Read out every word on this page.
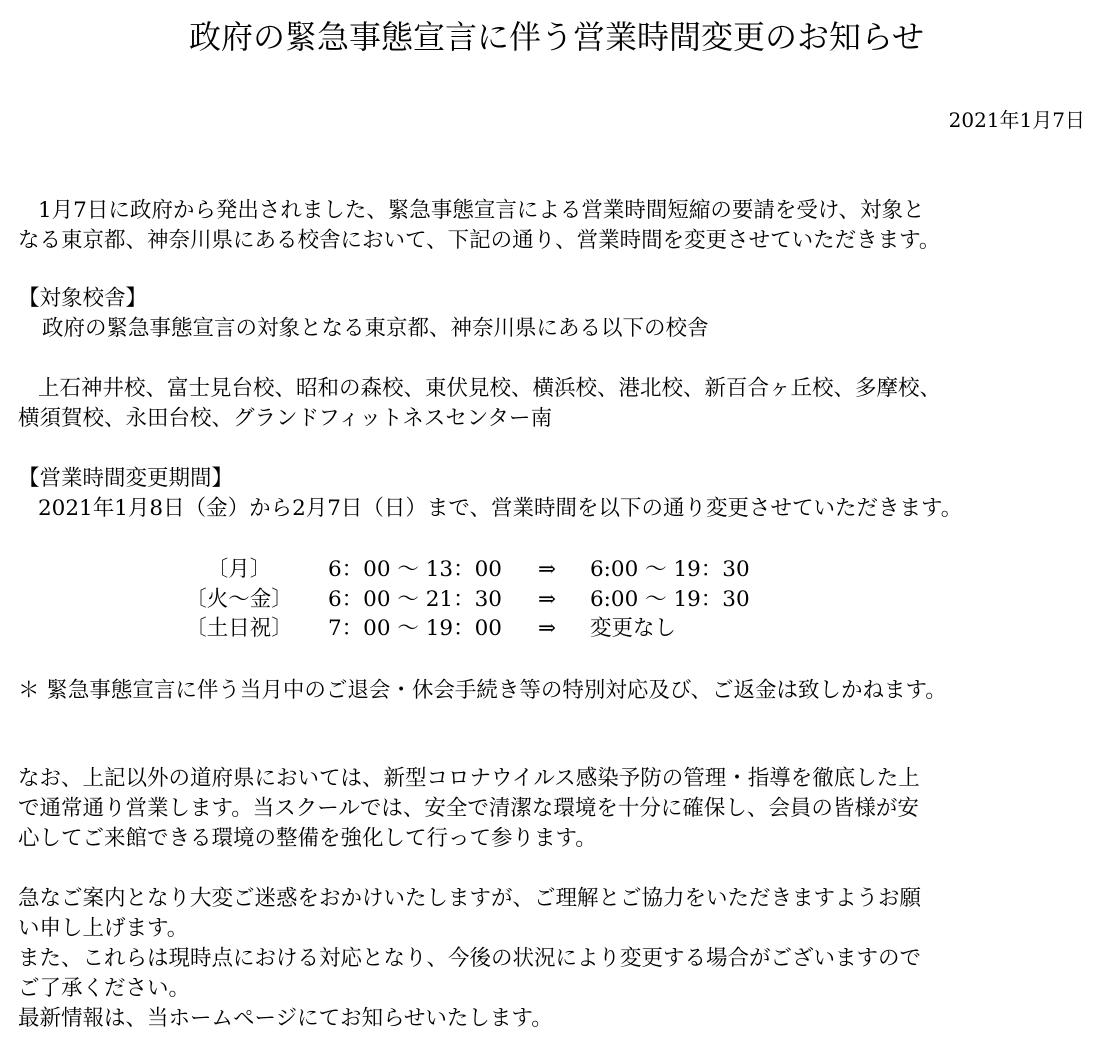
政府の緊急事態宣言に伴う営業時間変更のお知らせ
2021年1月7日
1月7日に政府から発出されました、緊急事態宣言による営業時間短縮の要請を受け、対象と
なる東京都、神奈川県にある校舎において、下記の通り、営業時間を変更させていただきます。
【対象校舎】
政府の緊急事態宣言の対象となる東京都、神奈川県にある以下の校舎
上石神井校、富士見台校、昭和の森校、東伏見校、横浜校、港北校、新百合ヶ丘校、多摩校、
横須賀校、永田台校、グランドフィットネスセンター南
【営業時間変更期間】
2021年1月8日（金）から2月7日（日）まで、営業時間を以下の通り変更させていただきます。
〔月〕	6：00 〜 13：00 ⇒ 6:00 〜 19：30
〔火〜金〕 6：00 〜 21：30 ⇒ 6:00 〜 19：30
〔土日祝〕 7：00 〜 19：00 ⇒ 変更なし
＊ 緊急事態宣言に伴う当月中のご退会・休会手続き等の特別対応及び、ご返金は致しかねます。
なお、上記以外の道府県においては、新型コロナウイルス感染予防の管理・指導を徹底した上
で通常通り営業します。当スクールでは、安全で清潔な環境を十分に確保し、会員の皆様が安
心してご来館できる環境の整備を強化して行って参ります。
急なご案内となり大変ご迷惑をおかけいたしますが、ご理解とご協力をいただきますようお願
い申し上げます。
また、これらは現時点における対応となり、今後の状況により変更する場合がございますので
ご了承ください。
最新情報は、当ホームページにてお知らせいたします。
